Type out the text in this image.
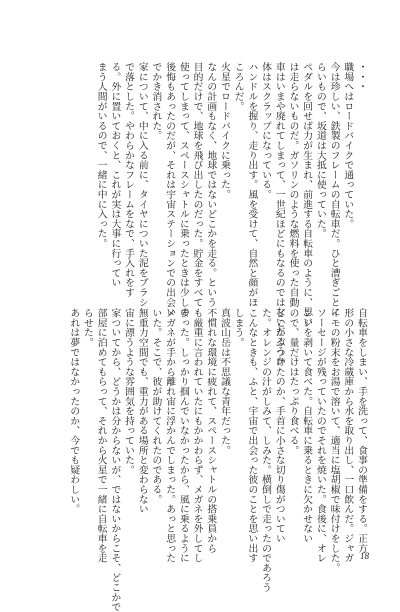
・・・

職場へはロードバイクで通っていた。

今は珍しい、鉄製のフレームの自転車だ。ひと漕ぎごとに

らいもので、坂道は大抵に使っていた。

ペダルを回せば力が生まれ、前進する自転車のように、思い

は走らないものだ。ガソリンのような燃料を使った自動

車はいまや廃れてしまって、一世紀ほどにもなるのではないだろうか

体はスクラップになっている。

ハンドルを握り、走り出す。風を受けて、自然と顔がほ

ころんだ。

火星でロードバイクに乗った。

なんの計画もなく、地球ではないどこかを走る。という

目的だけで、地球を飛び出したのだった。貯金をすべて

使ってしまって、スペースシャトルに乗ったときは少しの

後悔もあったのだが、それは宇宙ステーションでの出会い

でかき消された。

家について、中に入る前に、タイヤについた泥をブラシ

で落とした。やわらかなフレームをなで、手入れをす

る。外に置いておくと、これが実は大事に行ってい

まう人間がいるので、一緒に中に入った。

自転車をしまい、手を洗って、食事の準備をする。正方

形の小さな冷蔵庫から水を取り出し、一口飲んだ。ジャガ

イモの粉末をお湯で溶いて、適当に塩胡椒で味付けをした。

ソーセージが残っていたのでそれを焼いた。食後に、オレ

ンジを剥いて食べた。自転車に乗るときに欠かせない

ので、量だけはたっぷり食べる。

どこかぶつけたのか、手首に小さな切り傷がついてい

た。オレンジの汁がしみて、しみた。横倒しで走ったのであろう

こんなときも、ふと、宇宙で出会った彼のことを思い出す

しまう。

真波山岳は不思議な青年だった。

不慣れな環境に疲れて、スペースシャトルの搭乗員から

も厳重に言われていたにもかかわらず、メガネを外してし

まった。しっかり掴んでいなかったから、風に乗るように

メガネが手から離れ宙に浮かんでしまった。あっと思った

いた。そこで、彼が助けてくれたのである。

無重力空間でも、重力がある場所と変わらない

宙に漂うような雰囲気を持っていた。

家ついてから、どうかは分からないが、ではないからこそ、どこかで

部屋に泊めてもらって、それから火星で一緒に自転車を走

らせた。

あれは夢ではなかったのか、今でも疑わしい。

18
